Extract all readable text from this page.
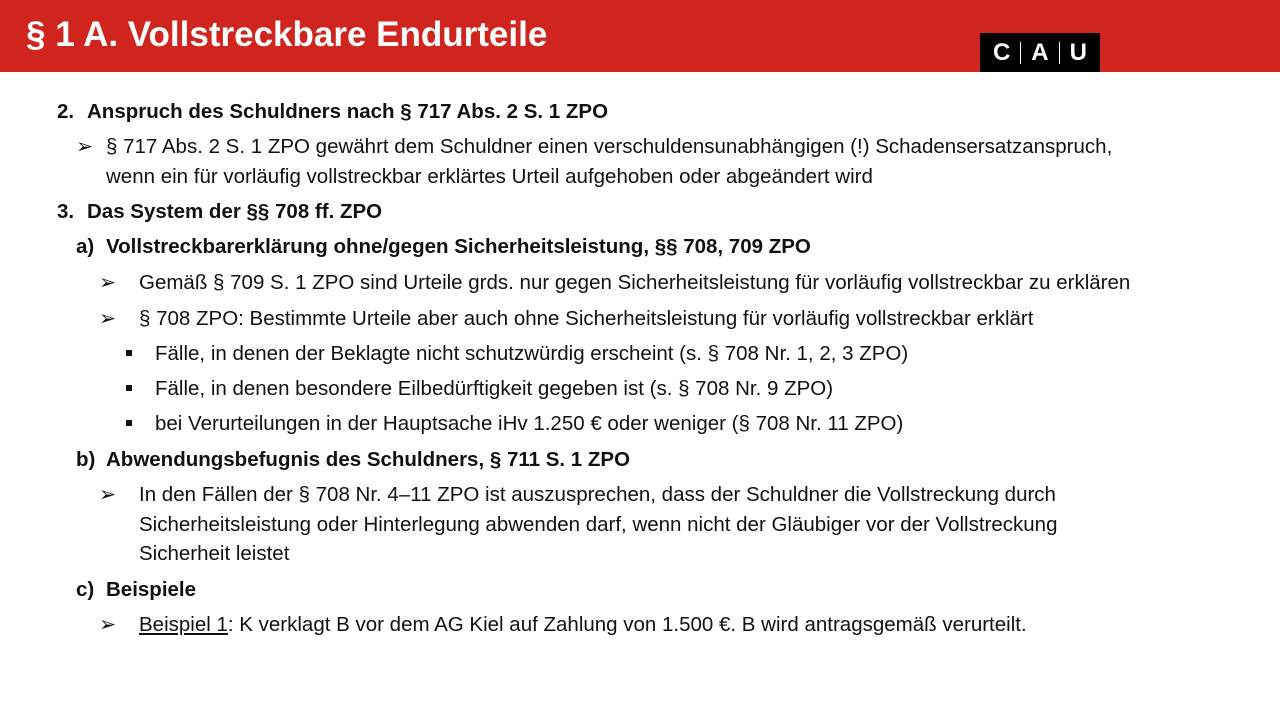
§ 1 A. Vollstreckbare Endurteile	C A U
2. Anspruch des Schuldners nach § 717 Abs. 2 S. 1 ZPO
➢ § 717 Abs. 2 S. 1 ZPO gewährt dem Schuldner einen verschuldensunabhängigen (!) Schadensersatzanspruch,
wenn ein für vorläufig vollstreckbar erklärtes Urteil aufgehoben oder abgeändert wird
3. Das System der §§ 708 ff. ZPO
a) Vollstreckbarerklärung ohne/gegen Sicherheitsleistung, §§ 708, 709 ZPO
➢ Gemäß § 709 S. 1 ZPO sind Urteile grds. nur gegen Sicherheitsleistung für vorläufig vollstreckbar zu erklären
➢ § 708 ZPO: Bestimmte Urteile aber auch ohne Sicherheitsleistung für vorläufig vollstreckbar erklärt
Fälle, in denen der Beklagte nicht schutzwürdig erscheint (s. § 708 Nr. 1, 2, 3 ZPO)
Fälle, in denen besondere Eilbedürftigkeit gegeben ist (s. § 708 Nr. 9 ZPO)
bei Verurteilungen in der Hauptsache iHv 1.250 € oder weniger (§ 708 Nr. 11 ZPO)
b) Abwendungsbefugnis des Schuldners, § 711 S. 1 ZPO
➢ In den Fällen der § 708 Nr. 4–11 ZPO ist auszusprechen, dass der Schuldner die Vollstreckung durch
Sicherheitsleistung oder Hinterlegung abwenden darf, wenn nicht der Gläubiger vor der Vollstreckung
Sicherheit leistet
c) Beispiele
➢ Beispiel 1: K verklagt B vor dem AG Kiel auf Zahlung von 1.500 €. B wird antragsgemäß verurteilt.
